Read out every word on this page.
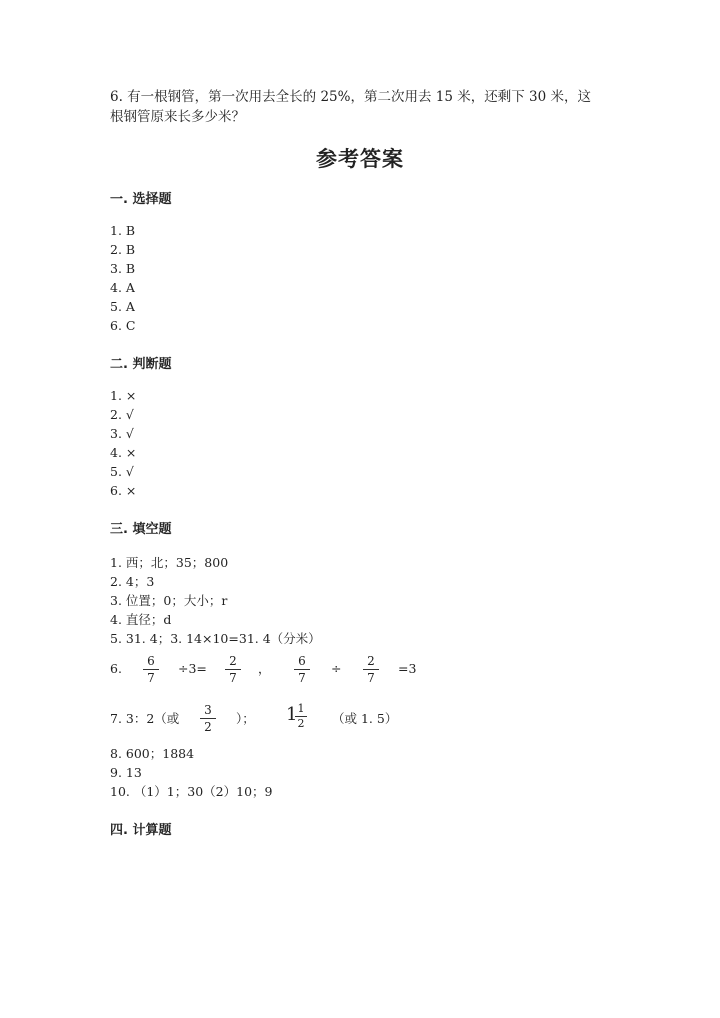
6. 有一根钢管，第一次用去全长的 25%，第二次用去 15 米，还剩下 30 米，这
根钢管原来长多少米？
参考答案
一. 选择题
1. B
2. B
3. B
4. A
5. A
6. C
二. 判断题
1. ×
2. √
3. √
4. ×
5. √
6. ×
三. 填空题
1. 西；北；35；800
2. 4；3
3. 位置；0；大小；r
4. 直径；d
5. 31. 4；3. 14×10=31. 4（分米）
6.	6
7
÷3=	2
7
，	6
7
÷	2
7
=3
7. 3：2（或
3
2
）； 1 1
2 （或 1. 5）
8. 600；1884
9. 13
10. （1）1；30（2）10；9
四. 计算题
